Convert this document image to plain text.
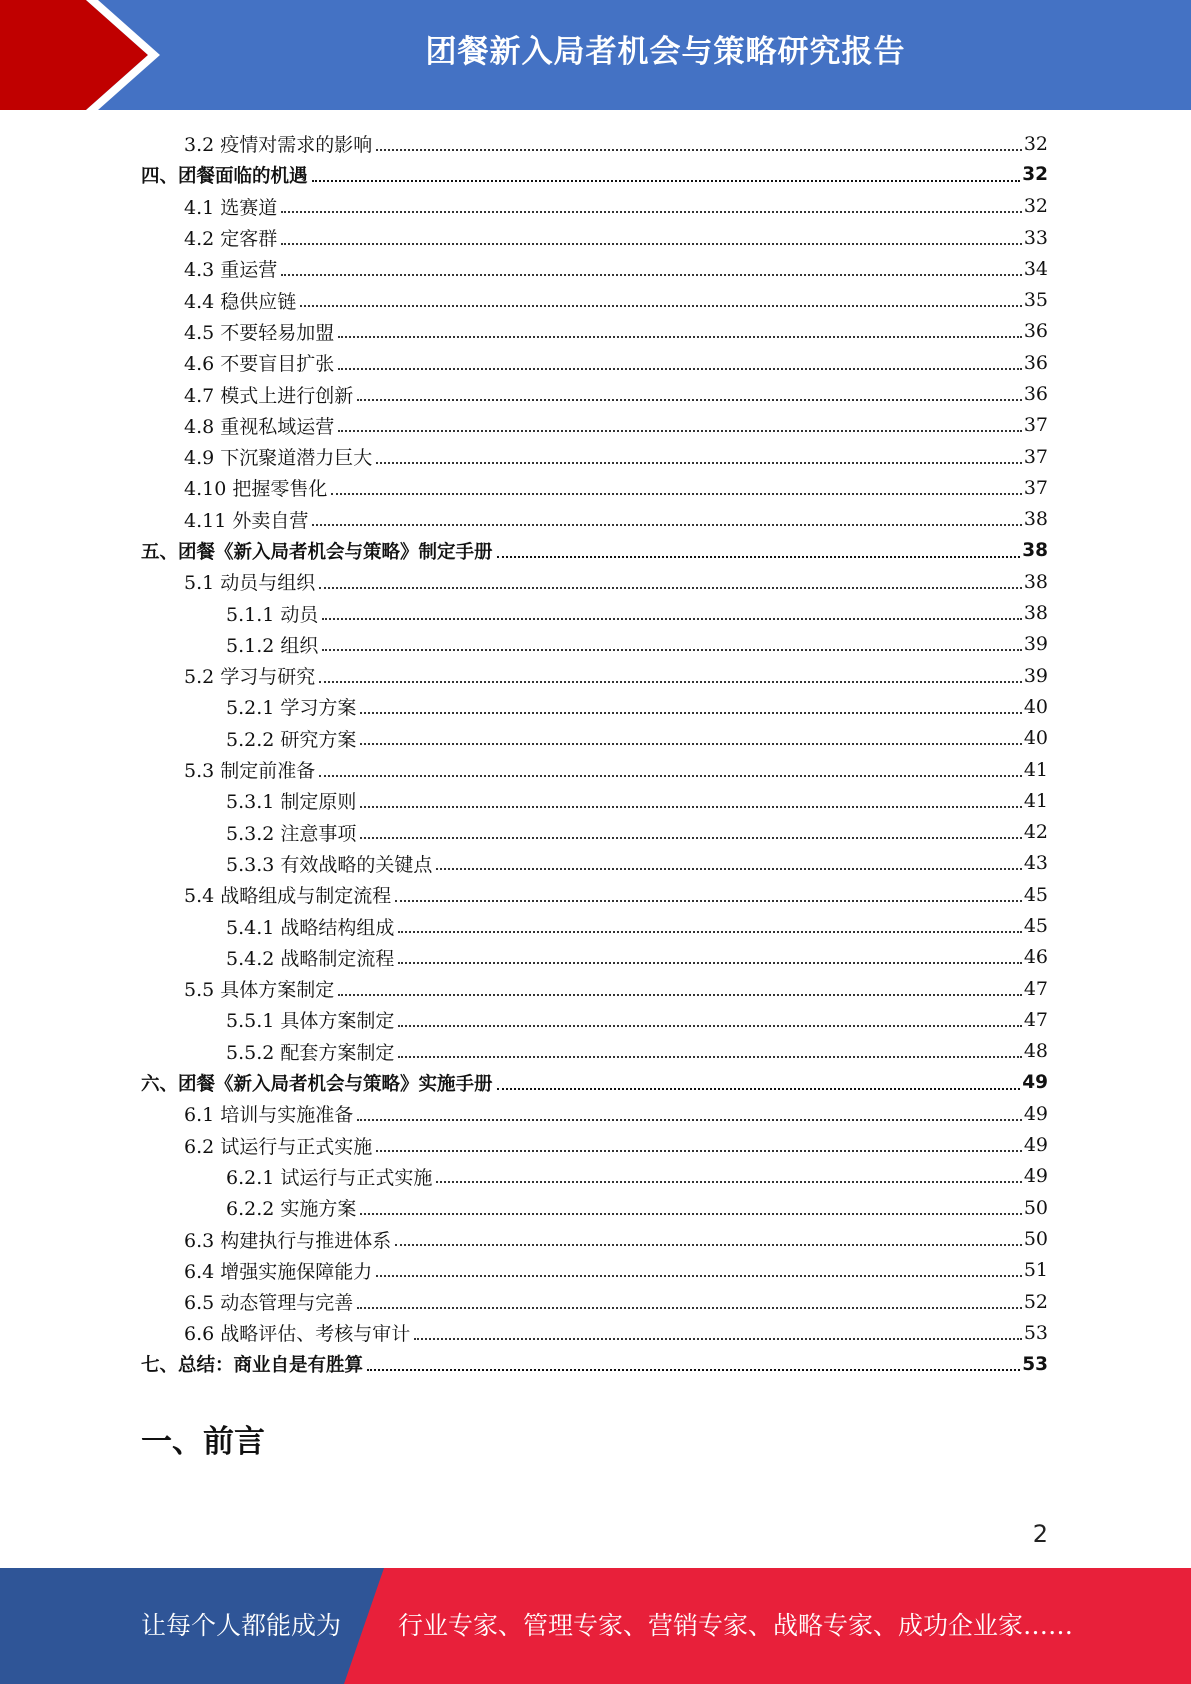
团餐新入局者机会与策略研究报告
3.2 疫情对需求的影响	32
四、团餐面临的机遇	32
4.1 选赛道	32
4.2 定客群	33
4.3 重运营	34
4.4 稳供应链	35
4.5 不要轻易加盟	36
4.6 不要盲目扩张	36
4.7 模式上进行创新	36
4.8 重视私域运营	37
4.9 下沉聚道潜力巨大	37
4.10 把握零售化	37
4.11 外卖自营	38
五、团餐《新入局者机会与策略》制定手册	38
5.1 动员与组织	38
5.1.1 动员	38
5.1.2 组织	39
5.2 学习与研究	39
5.2.1 学习方案	40
5.2.2 研究方案	40
5.3 制定前准备	41
5.3.1 制定原则	41
5.3.2 注意事项	42
5.3.3 有效战略的关键点	43
5.4 战略组成与制定流程	45
5.4.1 战略结构组成	45
5.4.2 战略制定流程	46
5.5 具体方案制定	47
5.5.1 具体方案制定	47
5.5.2 配套方案制定	48
六、团餐《新入局者机会与策略》实施手册	49
6.1 培训与实施准备	49
6.2 试运行与正式实施	49
6.2.1 试运行与正式实施	49
6.2.2 实施方案	50
6.3 构建执行与推进体系	50
6.4 增强实施保障能力	51
6.5 动态管理与完善	52
6.6 战略评估、考核与审计	53
七、总结：商业自是有胜算	53
一、前言
2
让每个人都能成为 行业专家、管理专家、营销专家、战略专家、成功企业家……
